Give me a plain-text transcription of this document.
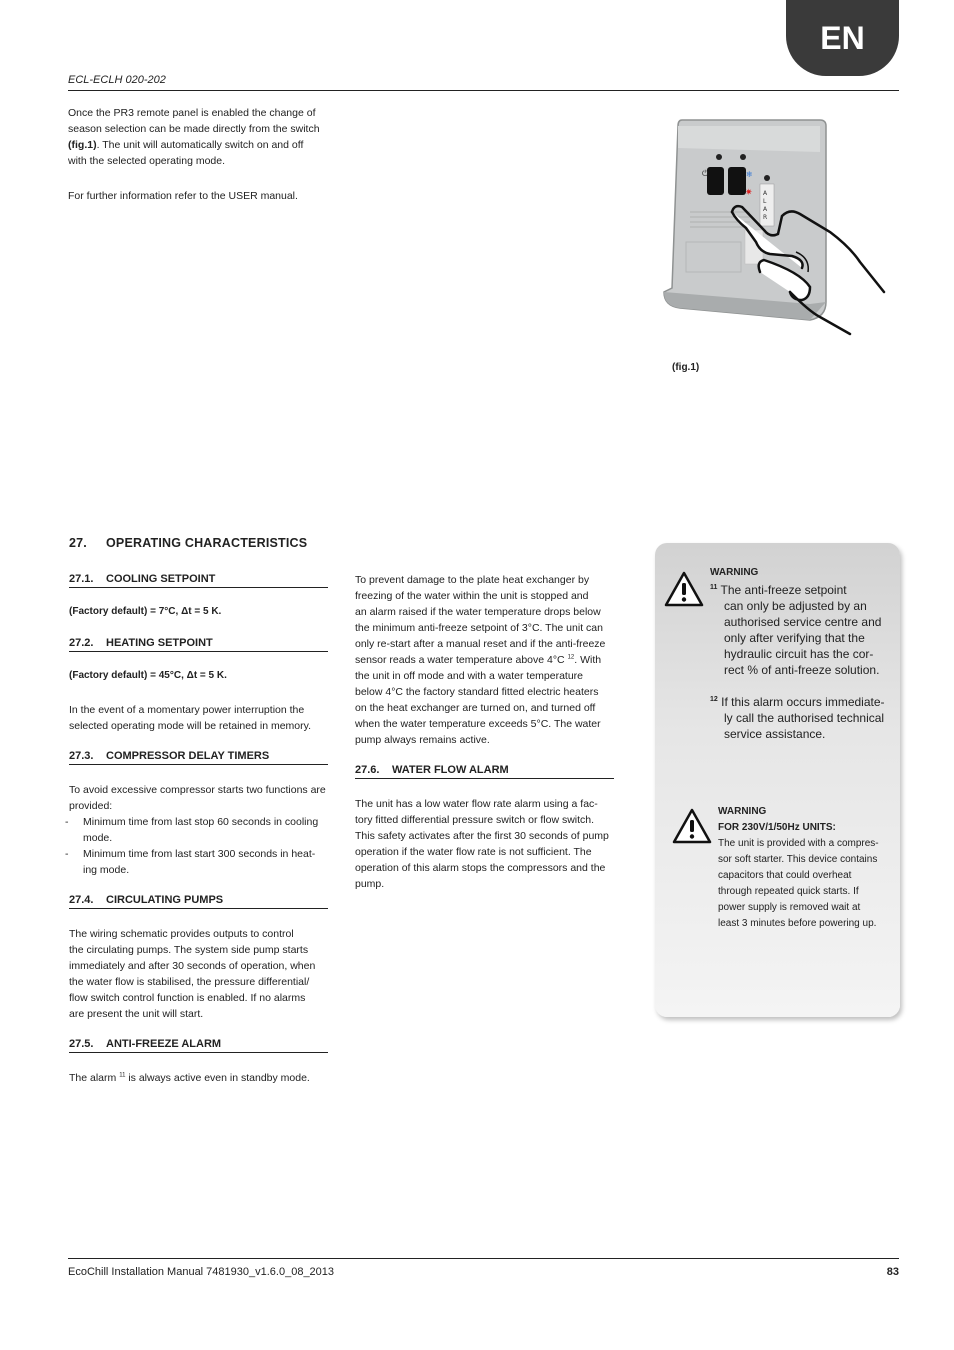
EN
ECL-ECLH 020-202
Once the PR3 remote panel is enabled the change of
season selection can be made directly from the switch
(fig.1). The unit will automatically switch on and off
with the selected operating mode.
For further information refer to the USER manual.
⏻	❄
✷ A
L
A
R
(fig.1)
27. OPERATING CHARACTERISTICS
27.1. COOLING SETPOINT
(Factory default) = 7°C, Δt = 5 K.
27.2. HEATING SETPOINT
(Factory default) = 45°C, Δt = 5 K.
In the event of a momentary power interruption the
selected operating mode will be retained in memory.
27.3. COMPRESSOR DELAY TIMERS
To avoid excessive compressor starts two functions are
provided:
- Minimum time from last stop 60 seconds in cooling
mode.
- Minimum time from last start 300 seconds in heat-
ing mode.
27.4. CIRCULATING PUMPS
The wiring schematic provides outputs to control
the circulating pumps. The system side pump starts
immediately and after 30 seconds of operation, when
the water flow is stabilised, the pressure differential/
flow switch control function is enabled. If no alarms
are present the unit will start.
27.5. ANTI-FREEZE ALARM
The alarm $^{11}$ is always active even in standby mode.
To prevent damage to the plate heat exchanger by
freezing of the water within the unit is stopped and
an alarm raised if the water temperature drops below
the minimum anti-freeze setpoint of 3°C. The unit can
only re-start after a manual reset and if the anti-freeze
sensor reads a water temperature above 4°C $^{12}$. With
the unit in off mode and with a water temperature
below 4°C the factory standard fitted electric heaters
on the heat exchanger are turned on, and turned off
when the water temperature exceeds 5°C. The water
pump always remains active.
27.6. WATER FLOW ALARM
The unit has a low water flow rate alarm using a fac-
tory fitted differential pressure switch or flow switch.
This safety activates after the first 30 seconds of pump
operation if the water flow rate is not sufficient. The
operation of this alarm stops the compressors and the
pump.
WARNING
$^{11}$ The anti-freeze setpoint
can only be adjusted by an
authorised service centre and
only after verifying that the
hydraulic circuit has the cor-
rect % of anti-freeze solution.
$^{12}$ If this alarm occurs immediate-
ly call the authorised technical
service assistance.
WARNING
FOR 230V/1/50Hz UNITS:
The unit is provided with a compres-
sor soft starter. This device contains
capacitors that could overheat
through repeated quick starts. If
power supply is removed wait at
least 3 minutes before powering up.
EcoChill Installation Manual 7481930_v1.6.0_08_2013	83
